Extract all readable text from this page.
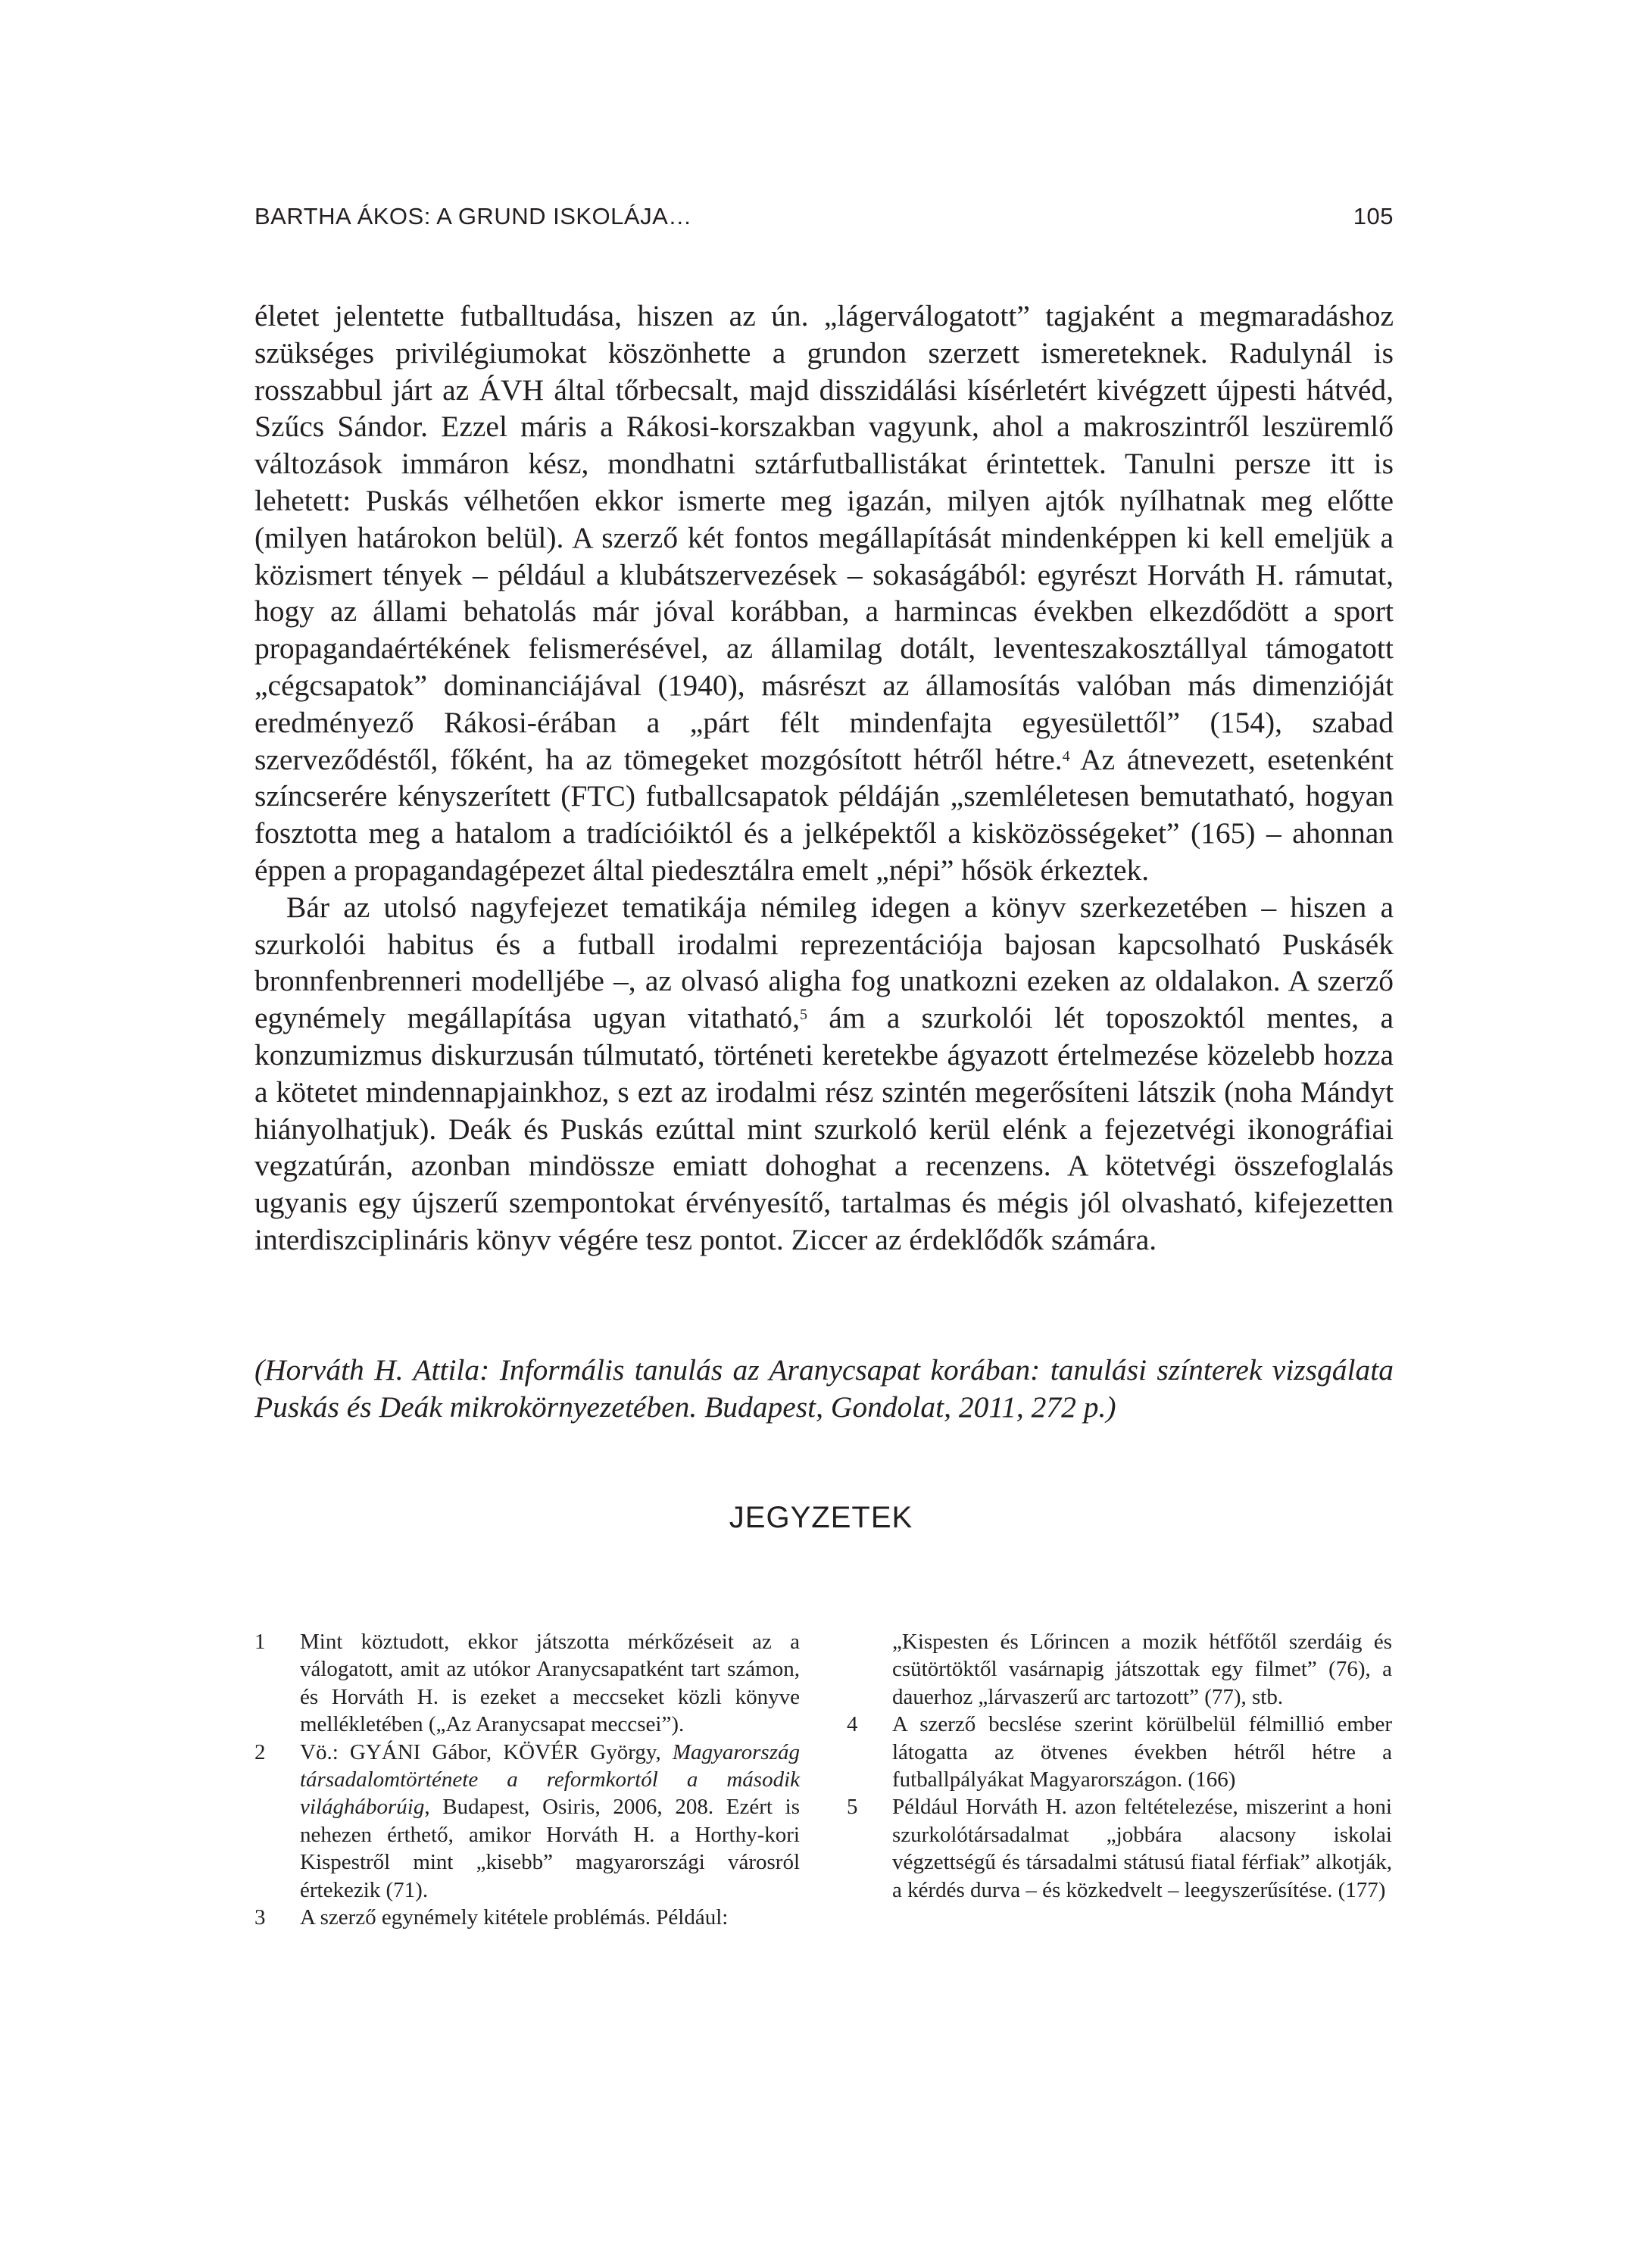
BARTHA ÁKOS: A GRUND ISKOLÁJA…	105

életet jelentette futballtudása, hiszen az ún. „lágerválogatott” tagjaként a megmaradáshoz szükséges privilégiumokat köszönhette a grundon szerzett ismereteknek. Radulynál is rosszabbul járt az ÁVH által tőrbecsalt, majd disszidálási kísérletért kivégzett újpesti hátvéd, Szűcs Sándor. Ezzel máris a Rákosi-korszakban vagyunk, ahol a makroszintről leszüremlő változások immáron kész, mondhatni sztárfutballistákat érintettek. Tanulni persze itt is lehetett: Puskás vélhetően ekkor ismerte meg igazán, milyen ajtók nyílhatnak meg előtte (milyen határokon belül). A szerző két fontos megállapítását mindenképpen ki kell emeljük a közismert tények – például a klubátszervezések – sokaságából: egyrészt Horváth H. rámutat, hogy az állami behatolás már jóval korábban, a harmincas években elkezdődött a sport propagandaértékének felismerésével, az államilag dotált, leventeszakosztállyal támogatott „cégcsapatok” dominanciájával (1940), másrészt az államosítás valóban más dimenzióját eredményező Rákosi-érában a „párt félt mindenfajta egyesülettől” (154), szabad szerveződéstől, főként, ha az tömegeket mozgósított hétről hétre.$^4$ Az átnevezett, esetenként színcserére kényszerített (FTC) futballcsapatok példáján „szemléletesen bemutatható, hogyan fosztotta meg a hatalom a tradícióiktól és a jelképektől a kisközösségeket” (165) – ahonnan éppen a propagandagépezet által piedesztálra emelt „népi” hősök érkeztek.

Bár az utolsó nagyfejezet tematikája némileg idegen a könyv szerkezetében – hiszen a szurkolói habitus és a futball irodalmi reprezentációja bajosan kapcsolható Puskásék bronnfenbrenneri modelljébe –, az olvasó aligha fog unatkozni ezeken az oldalakon. A szerző egynémely megállapítása ugyan vitatható,$^5$ ám a szurkolói lét toposzoktól mentes, a konzumizmus diskurzusán túlmutató, történeti keretekbe ágyazott értelmezése közelebb hozza a kötetet mindennapjainkhoz, s ezt az irodalmi rész szintén megerősíteni látszik (noha Mándyt hiányolhatjuk). Deák és Puskás ezúttal mint szurkoló kerül elénk a fejezetvégi ikonográfiai vegzatúrán, azonban mindössze emiatt dohoghat a recenzens. A kötetvégi összefoglalás ugyanis egy újszerű szempontokat érvényesítő, tartalmas és mégis jól olvasható, kifejezetten interdiszciplináris könyv végére tesz pontot. Ziccer az érdeklődők számára.

(Horváth H. Attila: Informális tanulás az Aranycsapat korában: tanulási színterek vizsgálata Puskás és Deák mikrokörnyezetében. Budapest, Gondolat, 2011, 272 p.)
JEGYZETEK
1 Mint köztudott, ekkor játszotta mérkőzéseit az a válogatott, amit az utókor Aranycsapatként tart számon, és Horváth H. is ezeket a meccseket közli könyve mellékletében („Az Aranycsapat meccsei”).
2 Vö.: GYÁNI Gábor, KÖVÉR György, Magyarország társadalomtörténete a reformkortól a második világháborúig, Budapest, Osiris, 2006, 208. Ezért is nehezen érthető, amikor Horváth H. a Horthy-kori Kispestről mint „kisebb” magyarországi városról értekezik (71).
3 A szerző egynémely kitétele problémás. Például:
„Kispesten és Lőrincen a mozik hétfőtől szerdáig és csütörtöktől vasárnapig játszottak egy filmet” (76), a dauerhoz „lárvaszerű arc tartozott” (77), stb.
4 A szerző becslése szerint körülbelül félmillió ember látogatta az ötvenes években hétről hétre a futballpályákat Magyarországon. (166)
5 Például Horváth H. azon feltételezése, miszerint a honi szurkolótársadalmat „jobbára alacsony iskolai végzettségű és társadalmi státusú fiatal férfiak” alkotják, a kérdés durva – és közkedvelt – leegyszerűsítése. (177)
